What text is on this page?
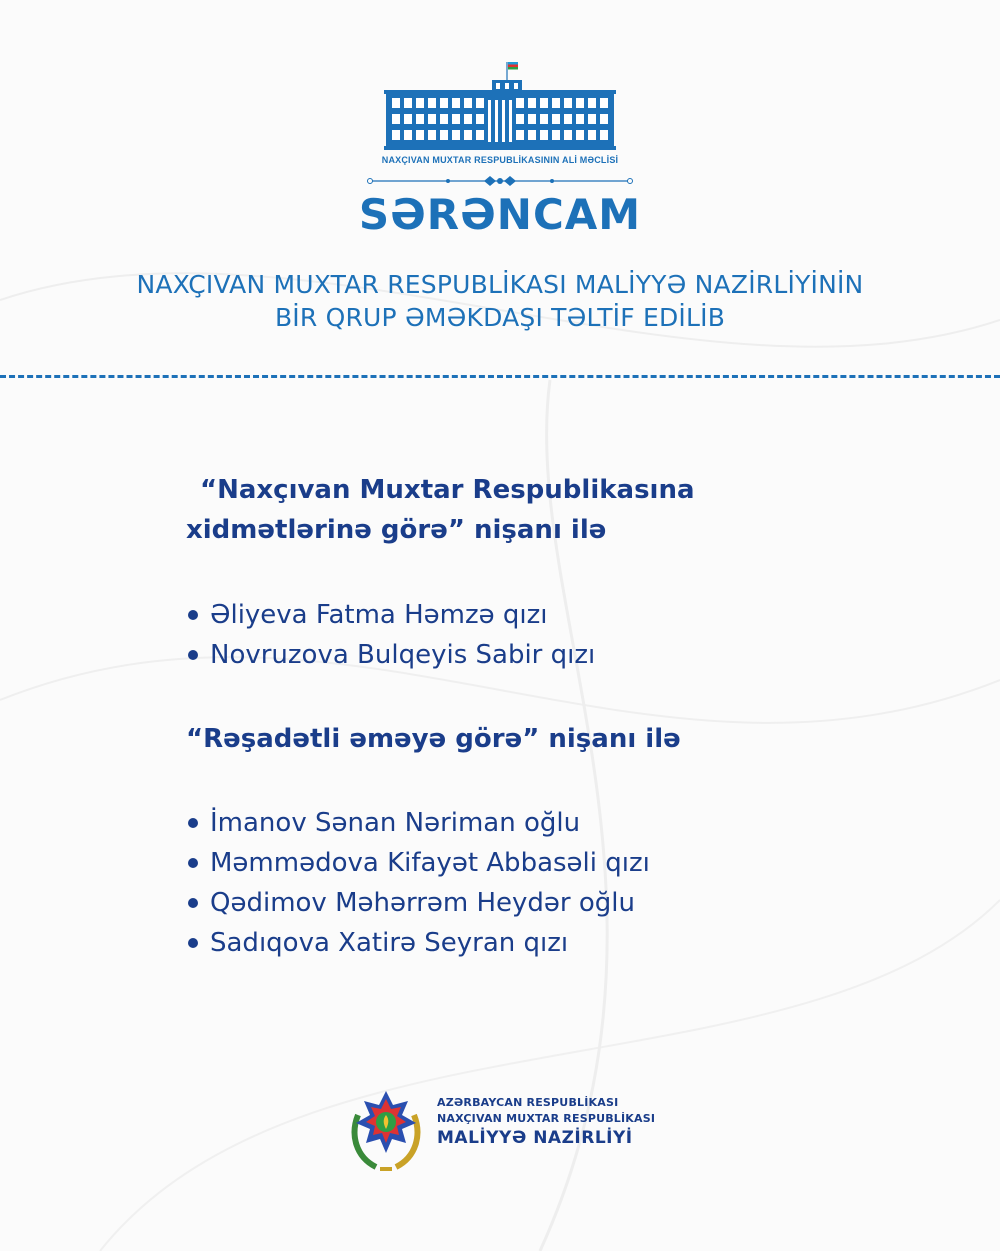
NAXÇIVAN MUXTAR RESPUBLİKASININ ALİ MƏCLİSİ
SƏRƏNCAM
NAXÇIVAN MUXTAR RESPUBLİKASI MALİYYƏ NAZİRLİYİNİN
BİR QRUP ƏMƏKDAŞI TƏLTİF EDİLİB
“Naxçıvan Muxtar Respublikasına
xidmətlərinə görə” nişanı ilə
Əliyeva Fatma Həmzə qızı
Novruzova Bulqeyis Sabir qızı
“Rəşadətli əməyə görə” nişanı ilə
İmanov Sənan Nəriman oğlu
Məmmədova Kifayət Abbasəli qızı
Qədimov Məhərrəm Heydər oğlu
Sadıqova Xatirə Seyran qızı
AZƏRBAYCAN RESPUBLİKASI
NAXÇIVAN MUXTAR RESPUBLİKASI
MALİYYƏ NAZİRLİYİ
